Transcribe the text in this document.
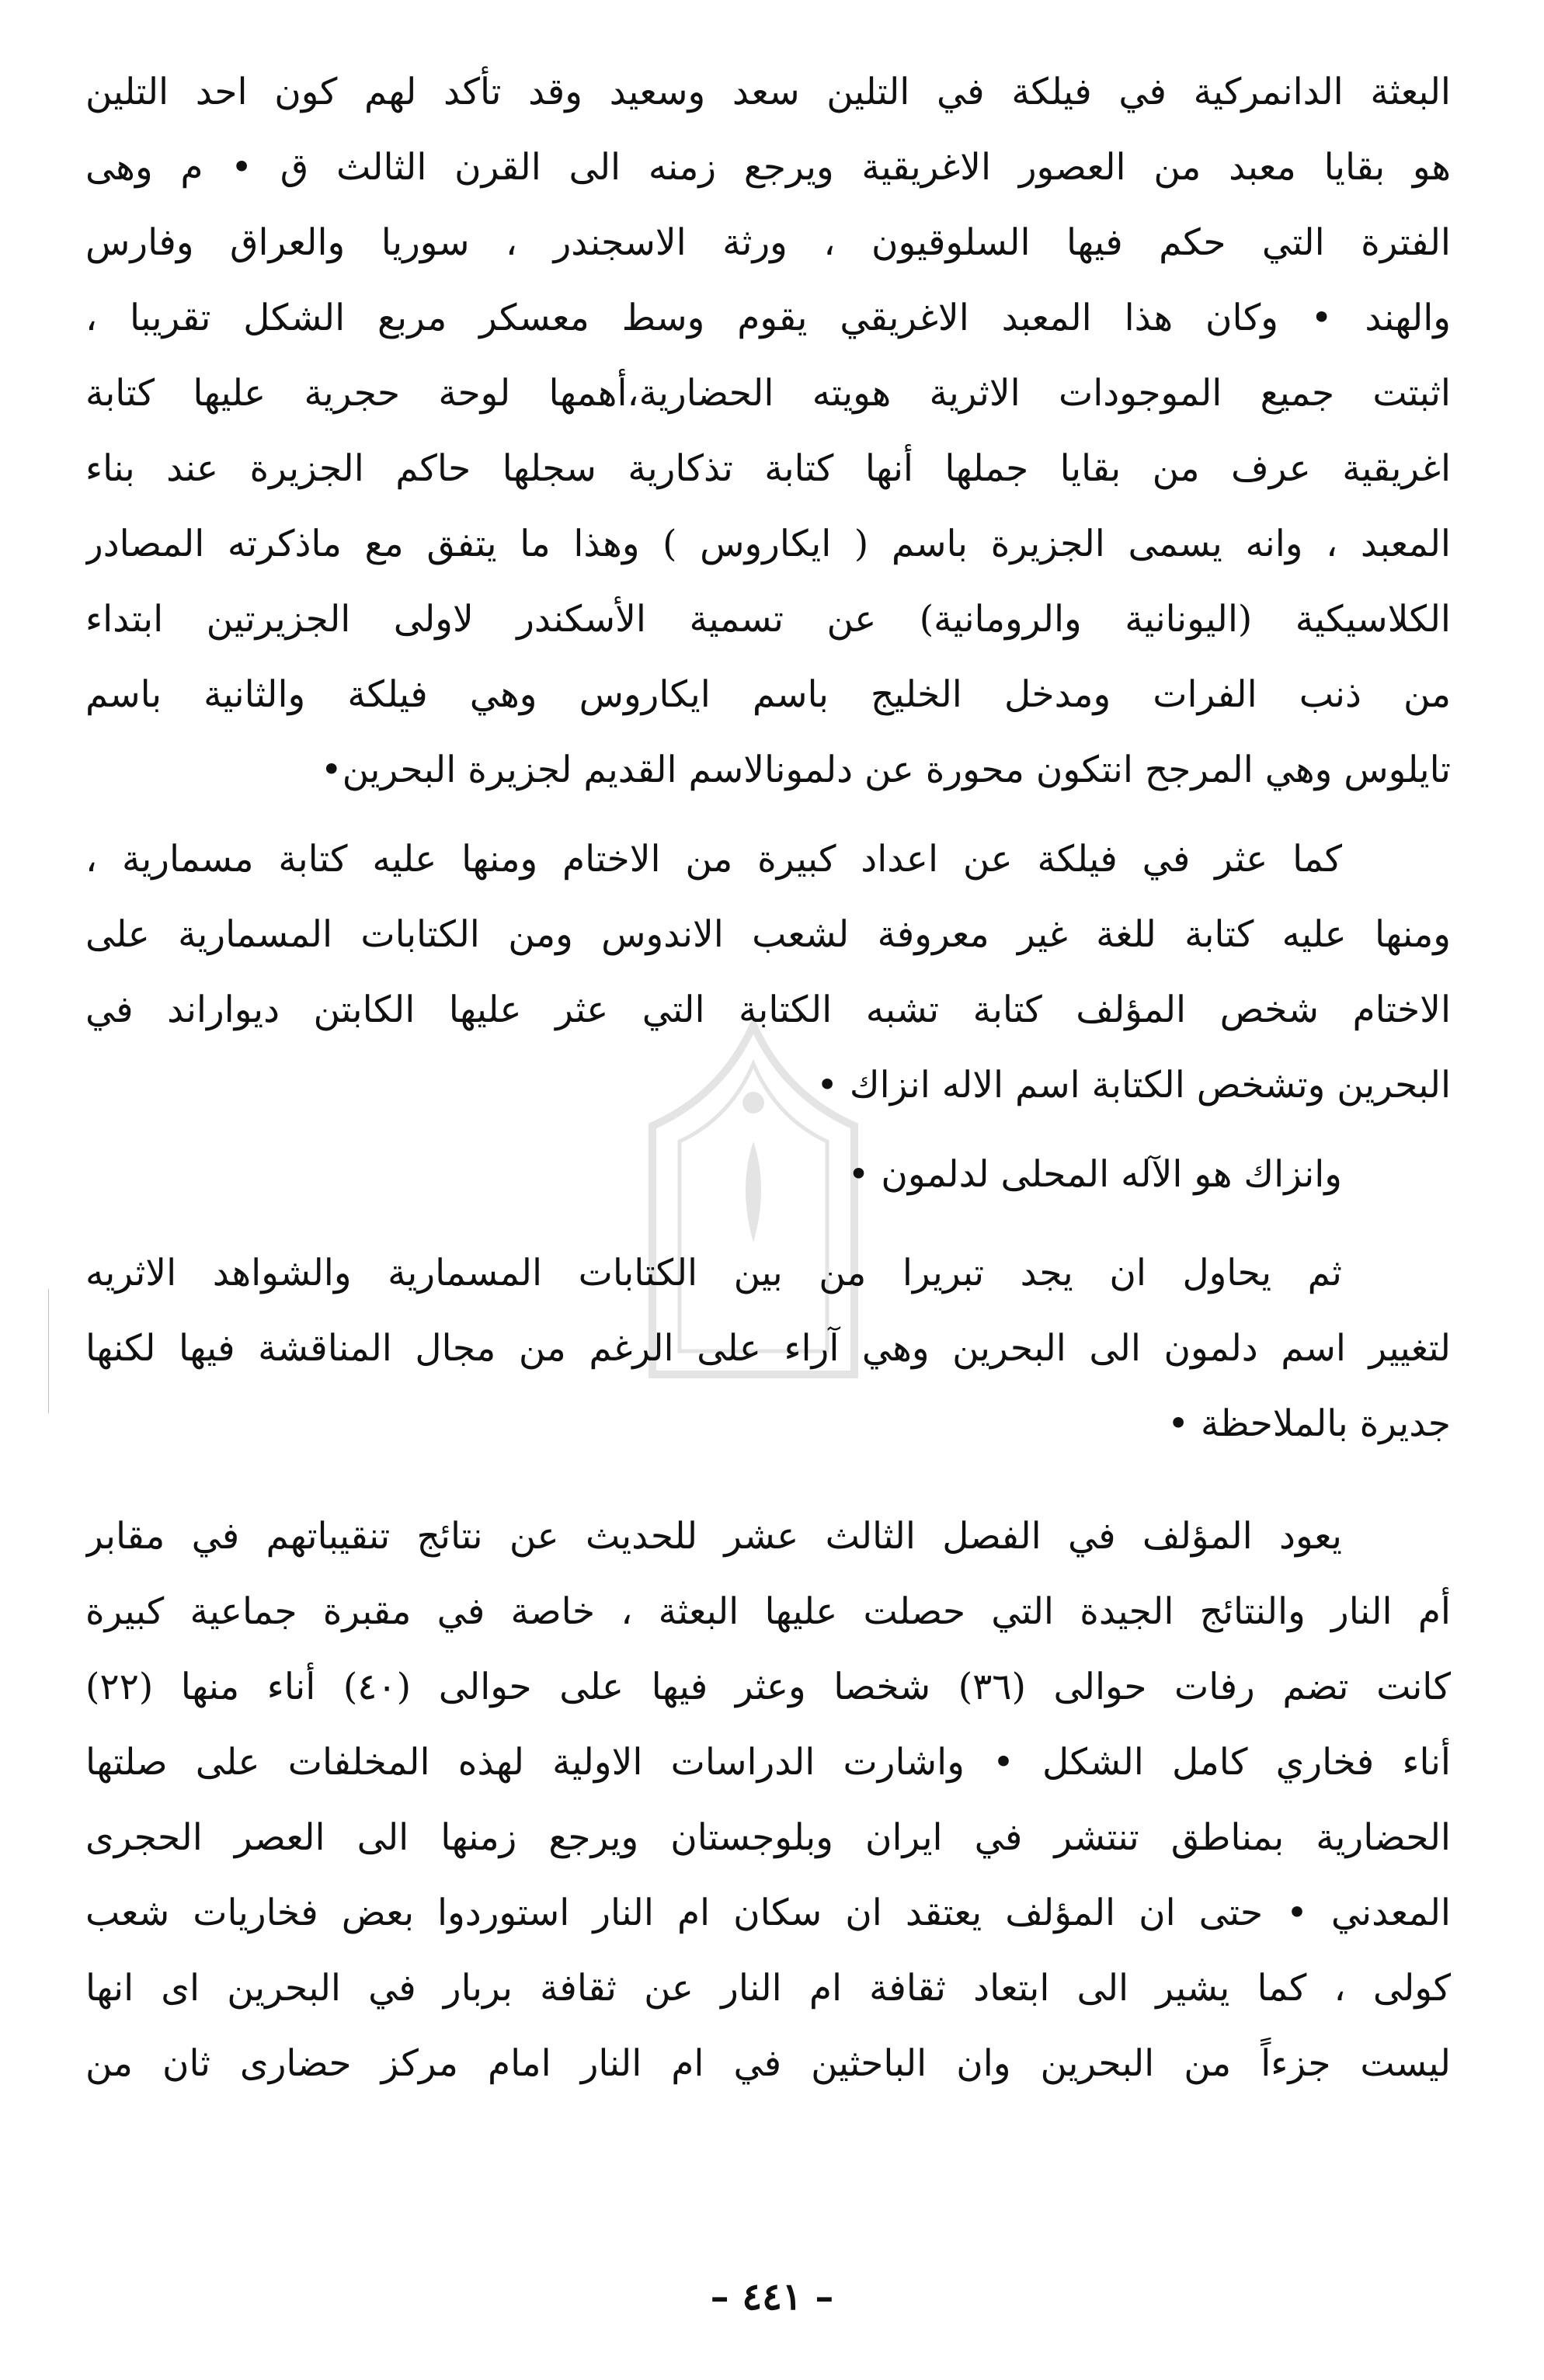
البعثة الدانمركية في فيلكة في التلين سعد وسعيد وقد تأكد لهم كون احد التلين
هو بقايا معبد من العصور الاغريقية ويرجع زمنه الى القرن الثالث ق • م وهى
الفترة التي حكم فيها السلوقيون ، ورثة الاسجندر ، سوريا والعراق وفارس
والهند • وكان هذا المعبد الاغريقي يقوم وسط معسكر مربع الشكل تقريبا ،
اثبتت جميع الموجودات الاثرية هويته الحضارية،أهمها لوحة حجرية عليها كتابة
اغريقية عرف من بقايا جملها أنها كتابة تذكارية سجلها حاكم الجزيرة عند بناء
المعبد ، وانه يسمى الجزيرة باسم ( ايكاروس ) وهذا ما يتفق مع ماذكرته المصادر
الكلاسيكية (اليونانية والرومانية) عن تسمية الأسكندر لاولى الجزيرتين ابتداء
من ذنب الفرات ومدخل الخليج باسم ايكاروس وهي فيلكة والثانية باسم
تايلوس وهي المرجح انتكون محورة عن دلمونالاسم القديم لجزيرة البحرين•
كما عثر في فيلكة عن اعداد كبيرة من الاختام ومنها عليه كتابة مسمارية ،
ومنها عليه كتابة للغة غير معروفة لشعب الاندوس ومن الكتابات المسمارية على
الاختام شخص المؤلف كتابة تشبه الكتابة التي عثر عليها الكابتن ديواراند في
البحرين وتشخص الكتابة اسم الاله انزاك •
وانزاك هو الآله المحلى لدلمون •
ثم يحاول ان يجد تبريرا من بين الكتابات المسمارية والشواهد الاثريه
لتغيير اسم دلمون الى البحرين وهي آراء على الرغم من مجال المناقشة فيها لكنها
جديرة بالملاحظة •
يعود المؤلف في الفصل الثالث عشر للحديث عن نتائج تنقيباتهم في مقابر
أم النار والنتائج الجيدة التي حصلت عليها البعثة ، خاصة في مقبرة جماعية كبيرة
كانت تضم رفات حوالى (٣٦) شخصا وعثر فيها على حوالى (٤٠) أناء منها (٢٢)
أناء فخاري كامل الشكل • واشارت الدراسات الاولية لهذه المخلفات على صلتها
الحضارية بمناطق تنتشر في ايران وبلوجستان ويرجع زمنها الى العصر الحجرى
المعدني • حتى ان المؤلف يعتقد ان سكان ام النار استوردوا بعض فخاريات شعب
كولى ، كما يشير الى ابتعاد ثقافة ام النار عن ثقافة بربار في البحرين اى انها
ليست جزءاً من البحرين وان الباحثين في ام النار امام مركز حضارى ثان من
– ٤٤١ –
